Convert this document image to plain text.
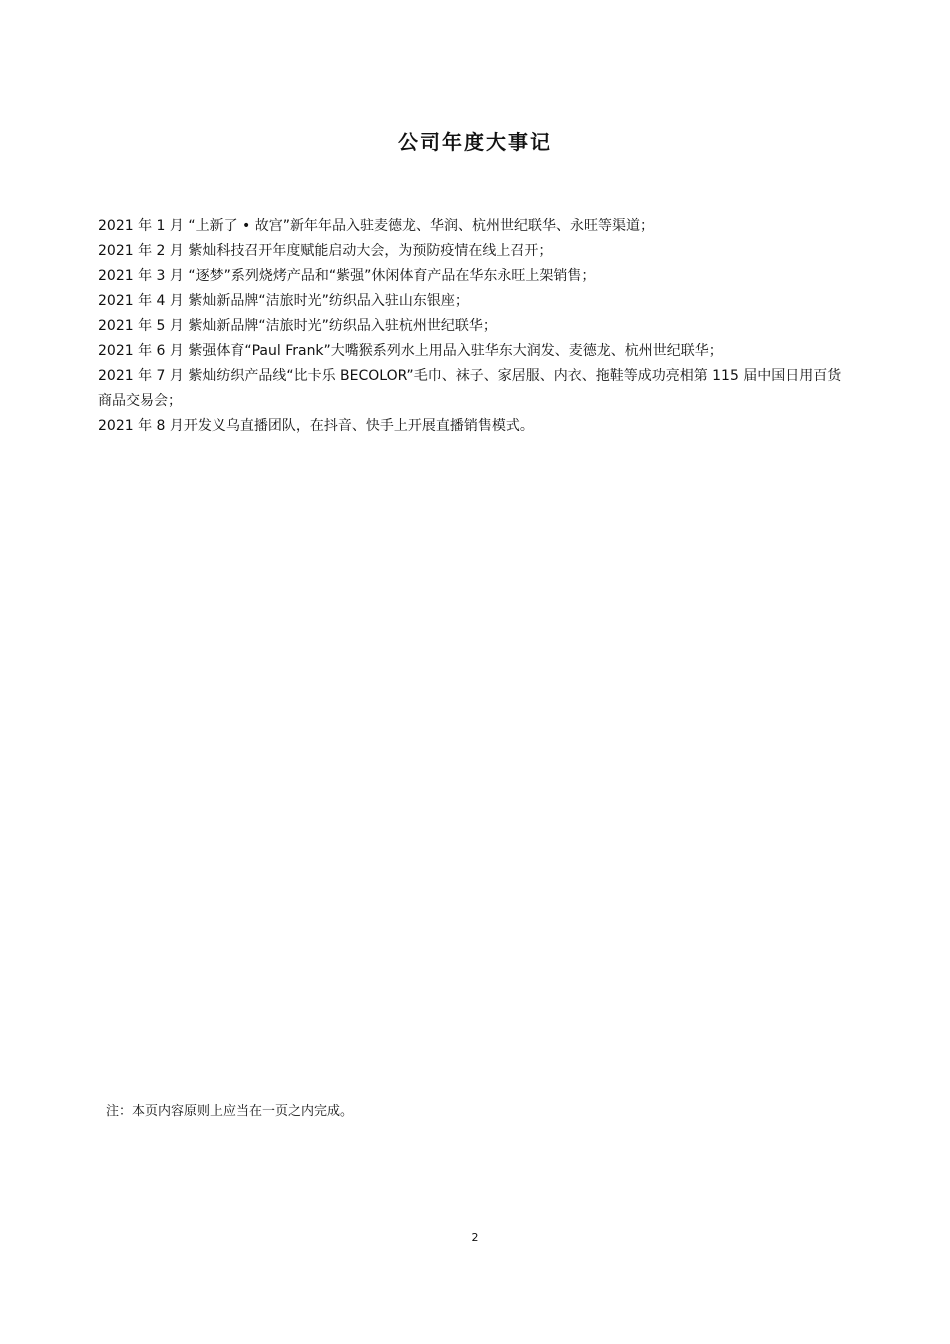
公司年度大事记
2021 年 1 月 “上新了 • 故宫”新年年品入驻麦德龙、华润、杭州世纪联华、永旺等渠道；
2021 年 2 月 紫灿科技召开年度赋能启动大会，为预防疫情在线上召开；
2021 年 3 月 “逐梦”系列烧烤产品和“紫强”休闲体育产品在华东永旺上架销售；
2021 年 4 月 紫灿新品牌“洁旅时光”纺织品入驻山东银座；
2021 年 5 月 紫灿新品牌“洁旅时光”纺织品入驻杭州世纪联华；
2021 年 6 月 紫强体育“Paul Frank”大嘴猴系列水上用品入驻华东大润发、麦德龙、杭州世纪联华；
2021 年 7 月 紫灿纺织产品线“比卡乐 BECOLOR”毛巾、袜子、家居服、内衣、拖鞋等成功亮相第 115 届中国日用百货商品交易会；
2021 年 8 月开发义乌直播团队，在抖音、快手上开展直播销售模式。
注：本页内容原则上应当在一页之内完成。
2
